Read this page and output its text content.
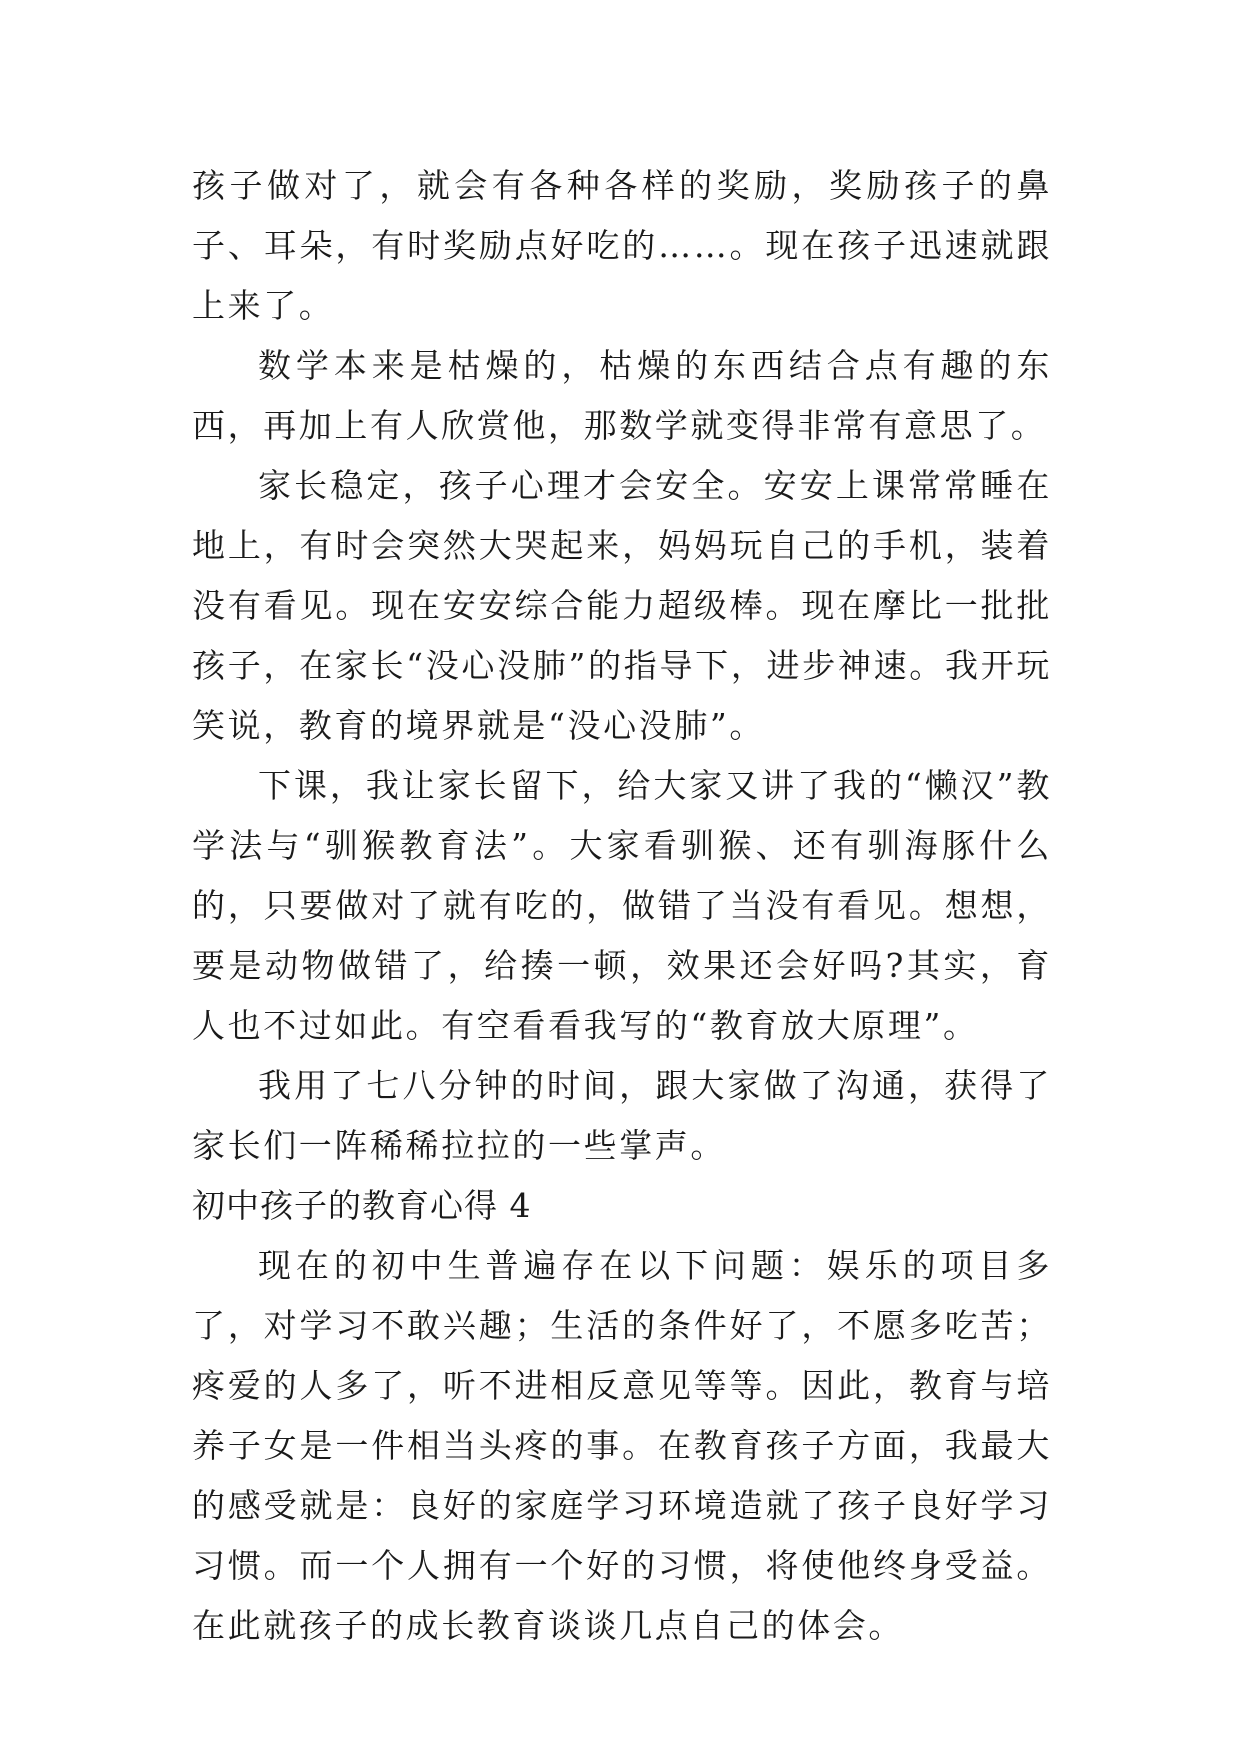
孩子做对了，就会有各种各样的奖励，奖励孩子的鼻子、耳朵，有时奖励点好吃的……。现在孩子迅速就跟上来了。

数学本来是枯燥的，枯燥的东西结合点有趣的东西，再加上有人欣赏他，那数学就变得非常有意思了。

家长稳定，孩子心理才会安全。安安上课常常睡在地上，有时会突然大哭起来，妈妈玩自己的手机，装着没有看见。现在安安综合能力超级棒。现在摩比一批批孩子，在家长“没心没肺”的指导下，进步神速。我开玩笑说，教育的境界就是“没心没肺”。

下课，我让家长留下，给大家又讲了我的“懒汉”教学法与“驯猴教育法”。大家看驯猴、还有驯海豚什么的，只要做对了就有吃的，做错了当没有看见。想想，要是动物做错了，给揍一顿，效果还会好吗?其实，育人也不过如此。有空看看我写的“教育放大原理”。

我用了七八分钟的时间，跟大家做了沟通，获得了家长们一阵稀稀拉拉的一些掌声。

初中孩子的教育心得 4

现在的初中生普遍存在以下问题：娱乐的项目多了，对学习不敢兴趣；生活的条件好了，不愿多吃苦；疼爱的人多了，听不进相反意见等等。因此，教育与培养子女是一件相当头疼的事。在教育孩子方面，我最大的感受就是：良好的家庭学习环境造就了孩子良好学习习惯。而一个人拥有一个好的习惯，将使他终身受益。在此就孩子的成长教育谈谈几点自己的体会。
